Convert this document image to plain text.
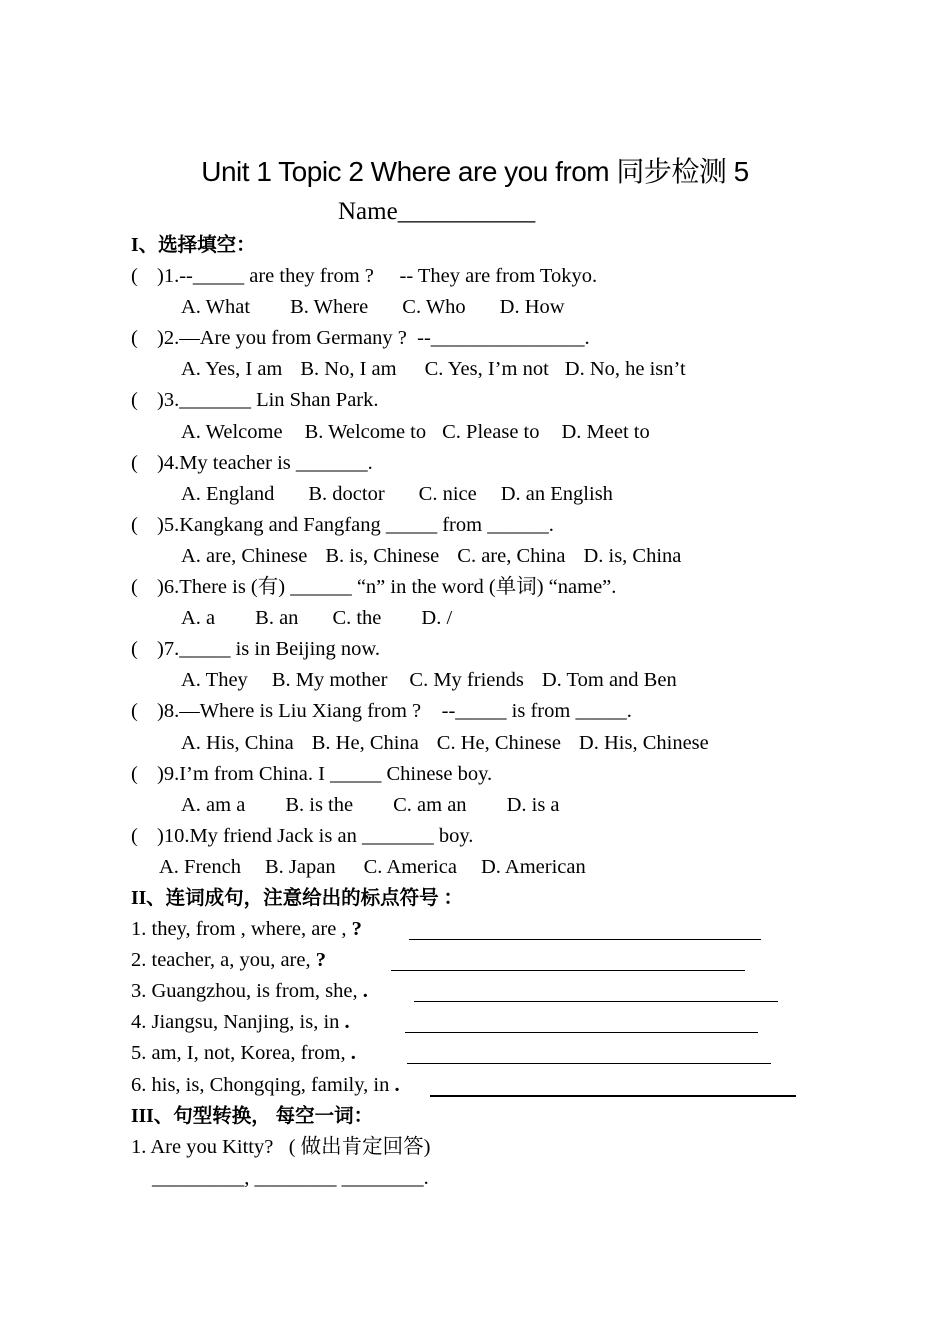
Unit 1 Topic 2 Where are you from 同步检测 5
Name___________
I、选择填空：
( )1.--_____ are they from ?     -- They are from Tokyo.
A. What B. Where C. Who D. How
( )2.—Are you from Germany ?  --_______________.
A. Yes, I am B. No, I am C. Yes, I’m not D. No, he isn’t
( )3._______ Lin Shan Park.
A. Welcome B. Welcome to C. Please to D. Meet to
( )4.My teacher is _______.
A. England B. doctor C. nice D. an English
( )5.Kangkang and Fangfang _____ from ______.
A. are, Chinese B. is, Chinese C. are, China D. is, China
( )6.There is (有) ______ “n” in the word (单词) “name”.
A. a B. an C. the D. /
( )7._____ is in Beijing now.
A. They B. My mother C. My friends D. Tom and Ben
( )8.—Where is Liu Xiang from ?    --_____ is from _____.
A. His, China B. He, China C. He, Chinese D. His, Chinese
( )9.I’m from China. I _____ Chinese boy.
A. am a B. is the C. am an D. is a
( )10.My friend Jack is an _______ boy.
A. French B. Japan C. America D. American
II、连词成句，注意给出的标点符号 ：
1. they, from , where, are , ?
2. teacher, a, you, are, ?
3. Guangzhou, is from, she, .
4. Jiangsu, Nanjing, is, in .
5. am, I, not, Korea, from, .
6. his, is, Chongqing, family, in .
III、句型转换， 每空一词：
1. Are you Kitty?   ( 做出肯定回答)
_________, ________ ________.
